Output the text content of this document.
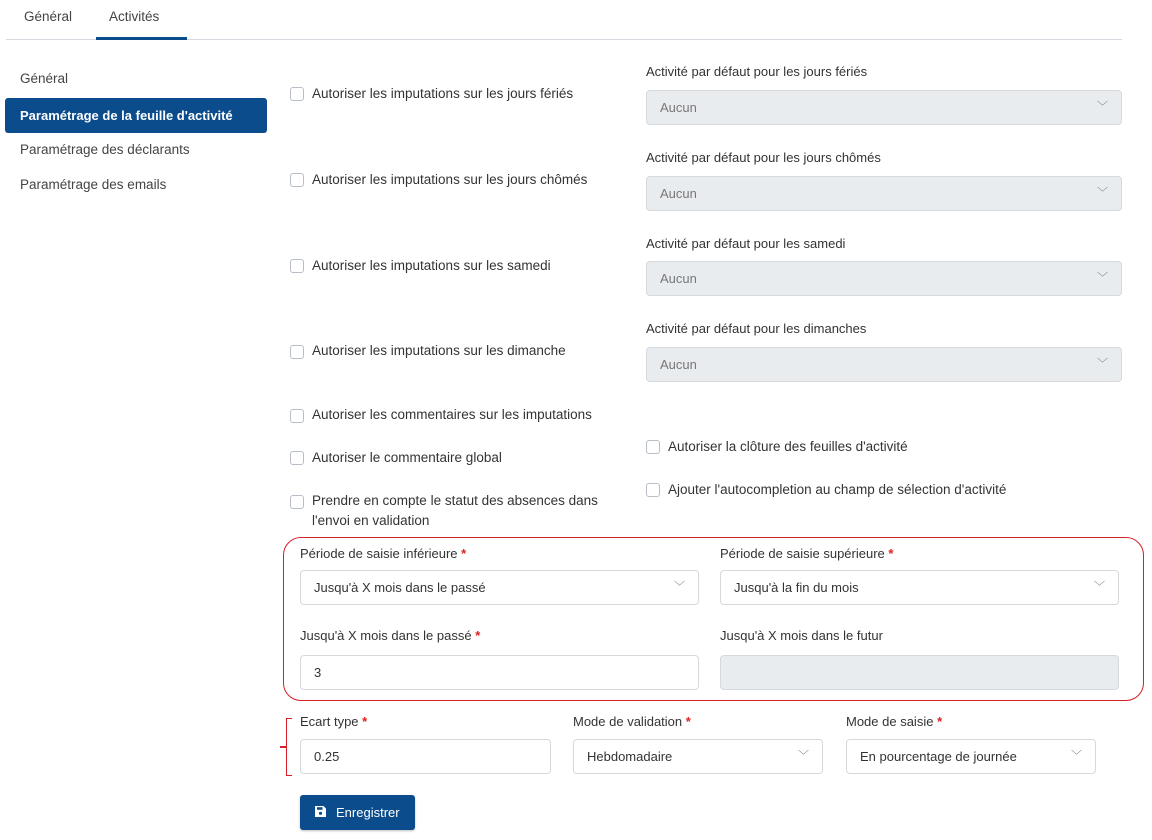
Général	Activités
Général
Paramétrage de la feuille d'activité
Paramétrage des déclarants
Paramétrage des emails
Autoriser les imputations sur les jours fériés
Activité par défaut pour les jours fériés
Aucun	﹀
Autoriser les imputations sur les jours chômés
Activité par défaut pour les jours chômés
Aucun	﹀
Autoriser les imputations sur les samedi
Activité par défaut pour les samedi
Aucun	﹀
Autoriser les imputations sur les dimanche
Activité par défaut pour les dimanches
Aucun	﹀
Autoriser les commentaires sur les imputations
Autoriser le commentaire global
Prendre en compte le statut des absences dans
l'envoi en validation
Autoriser la clôture des feuilles d'activité
Ajouter l'autocompletion au champ de sélection d'activité
Période de saisie inférieure *
Jusqu'à X mois dans le passé	﹀
Période de saisie supérieure *
Jusqu'à la fin du mois	﹀
Jusqu'à X mois dans le passé *
3
Jusqu'à X mois dans le futur
Ecart type *
0.25
Mode de validation *
Hebdomadaire	﹀
Mode de saisie *
En pourcentage de journée	﹀
Enregistrer
